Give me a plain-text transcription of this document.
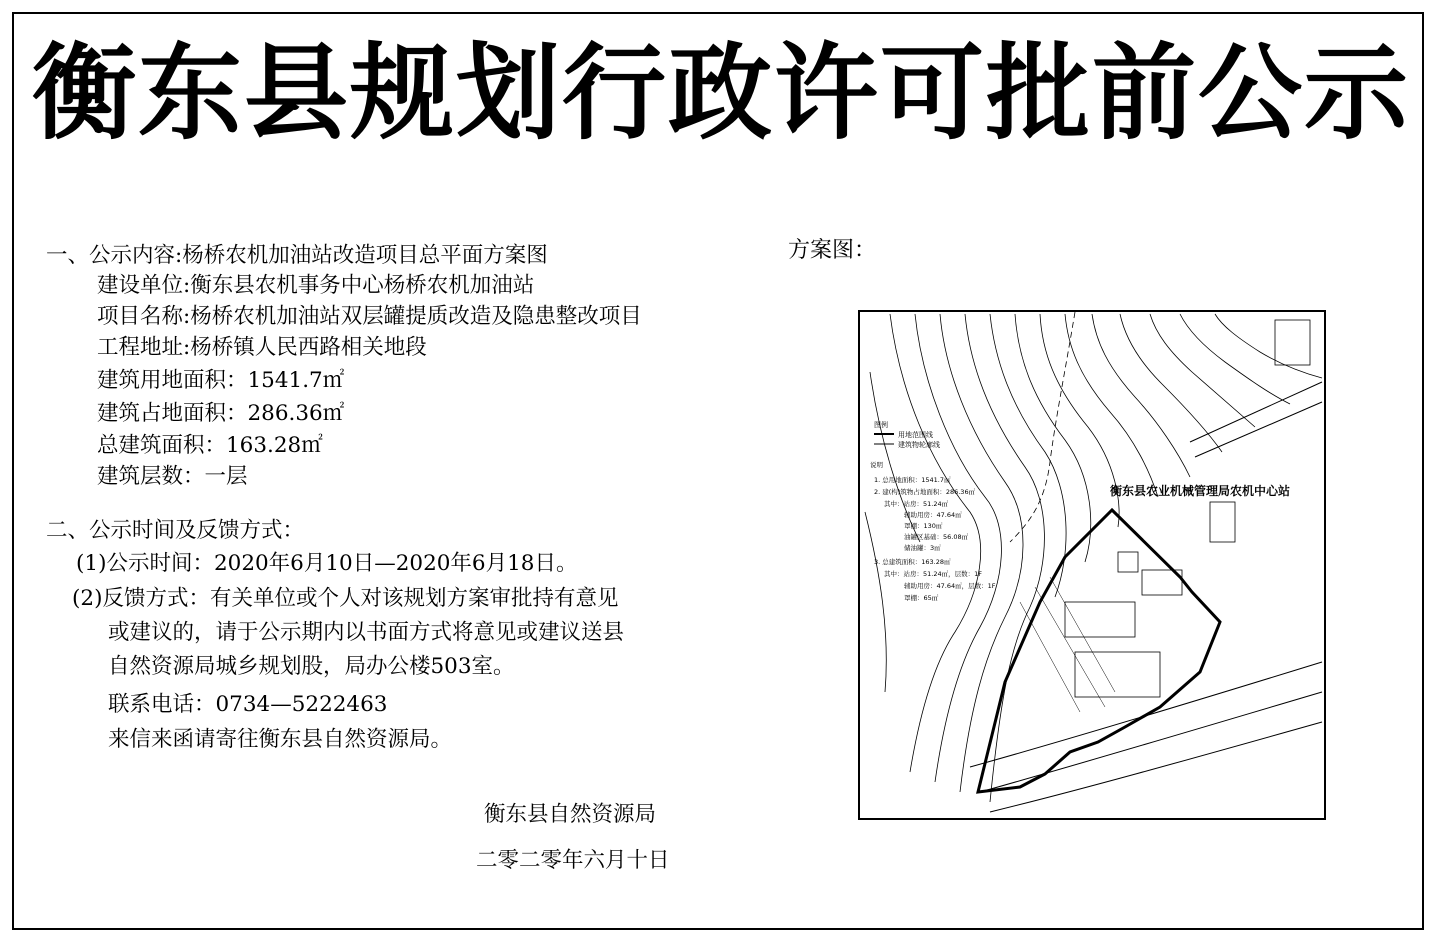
衡东县规划行政许可批前公示
一、公示内容:杨桥农机加油站改造项目总平面方案图
建设单位:衡东县农机事务中心杨桥农机加油站
项目名称:杨桥农机加油站双层罐提质改造及隐患整改项目
工程地址:杨桥镇人民西路相关地段
建筑用地面积：1541.7㎡
建筑占地面积：286.36㎡
总建筑面积：163.28㎡
建筑层数：一层
二、公示时间及反馈方式：
(1)公示时间：2020年6月10日—2020年6月18日。
(2)反馈方式：有关单位或个人对该规划方案审批持有意见
或建议的，请于公示期内以书面方式将意见或建议送县
自然资源局城乡规划股，局办公楼503室。
联系电话：0734—5222463
来信来函请寄往衡东县自然资源局。
方案图：
图例
用地范围线
建筑物轮廓线
说明
1. 总用地面积：1541.7㎡
2. 建(构)筑物占地面积：286.36㎡
其中：站房：51.24㎡
辅助用房：47.64㎡
罩棚：130㎡
油罐区基础：56.08㎡
储油罐：3㎡
3. 总建筑面积：163.28㎡
其中：站房：51.24㎡，层数：1F
辅助用房：47.64㎡，层数：1F
罩棚：65㎡
衡东县农业机械管理局农机中心站
衡东县自然资源局
二零二零年六月十日
